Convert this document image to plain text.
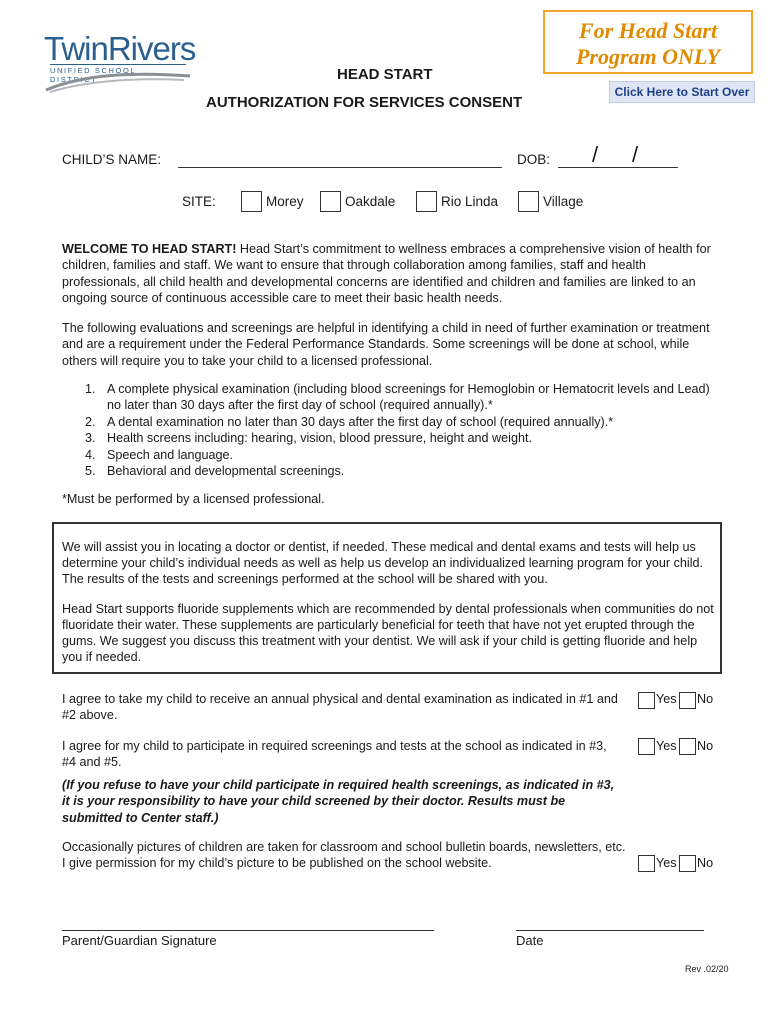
TwinRivers
UNIFIED SCHOOL DISTRICT
For Head Start
Program ONLY
Click Here to Start Over
HEAD START
AUTHORIZATION FOR SERVICES CONSENT
CHILD’S NAME:	DOB: / /
SITE:	Morey	Oakdale	Rio Linda	Village
WELCOME TO HEAD START! Head Start’s commitment to wellness embraces a comprehensive vision of health for children, families and staff. We want to ensure that through collaboration among families, staff and health professionals, all child health and developmental concerns are identified and children and families are linked to an ongoing source of continuous accessible care to meet their basic health needs.
The following evaluations and screenings are helpful in identifying a child in need of further examination or treatment and are a requirement under the Federal Performance Standards. Some screenings will be done at school, while others will require you to take your child to a licensed professional.
1. A complete physical examination (including blood screenings for Hemoglobin or Hematocrit levels and Lead) no later than 30 days after the first day of school (required annually).*
2. A dental examination no later than 30 days after the first day of school (required annually).*
3. Health screens including: hearing, vision, blood pressure, height and weight.
4. Speech and language.
5. Behavioral and developmental screenings.
*Must be performed by a licensed professional.
We will assist you in locating a doctor or dentist, if needed. These medical and dental exams and tests will help us determine your child’s individual needs as well as help us develop an individualized learning program for your child. The results of the tests and screenings performed at the school will be shared with you.
Head Start supports fluoride supplements which are recommended by dental professionals when communities do not fluoridate their water. These supplements are particularly beneficial for teeth that have not yet erupted through the gums. We suggest you discuss this treatment with your dentist. We will ask if your child is getting fluoride and help you if needed.
I agree to take my child to receive an annual physical and dental examination as indicated in #1 and #2 above.
Yes No
I agree for my child to participate in required screenings and tests at the school as indicated in #3, #4 and #5.
Yes No
(If you refuse to have your child participate in required health screenings, as indicated in #3, it is your responsibility to have your child screened by their doctor. Results must be submitted to Center staff.)
Occasionally pictures of children are taken for classroom and school bulletin boards, newsletters, etc. I give permission for my child’s picture to be published on the school website.	Yes No
Parent/Guardian Signature	Date
Rev .02/20
